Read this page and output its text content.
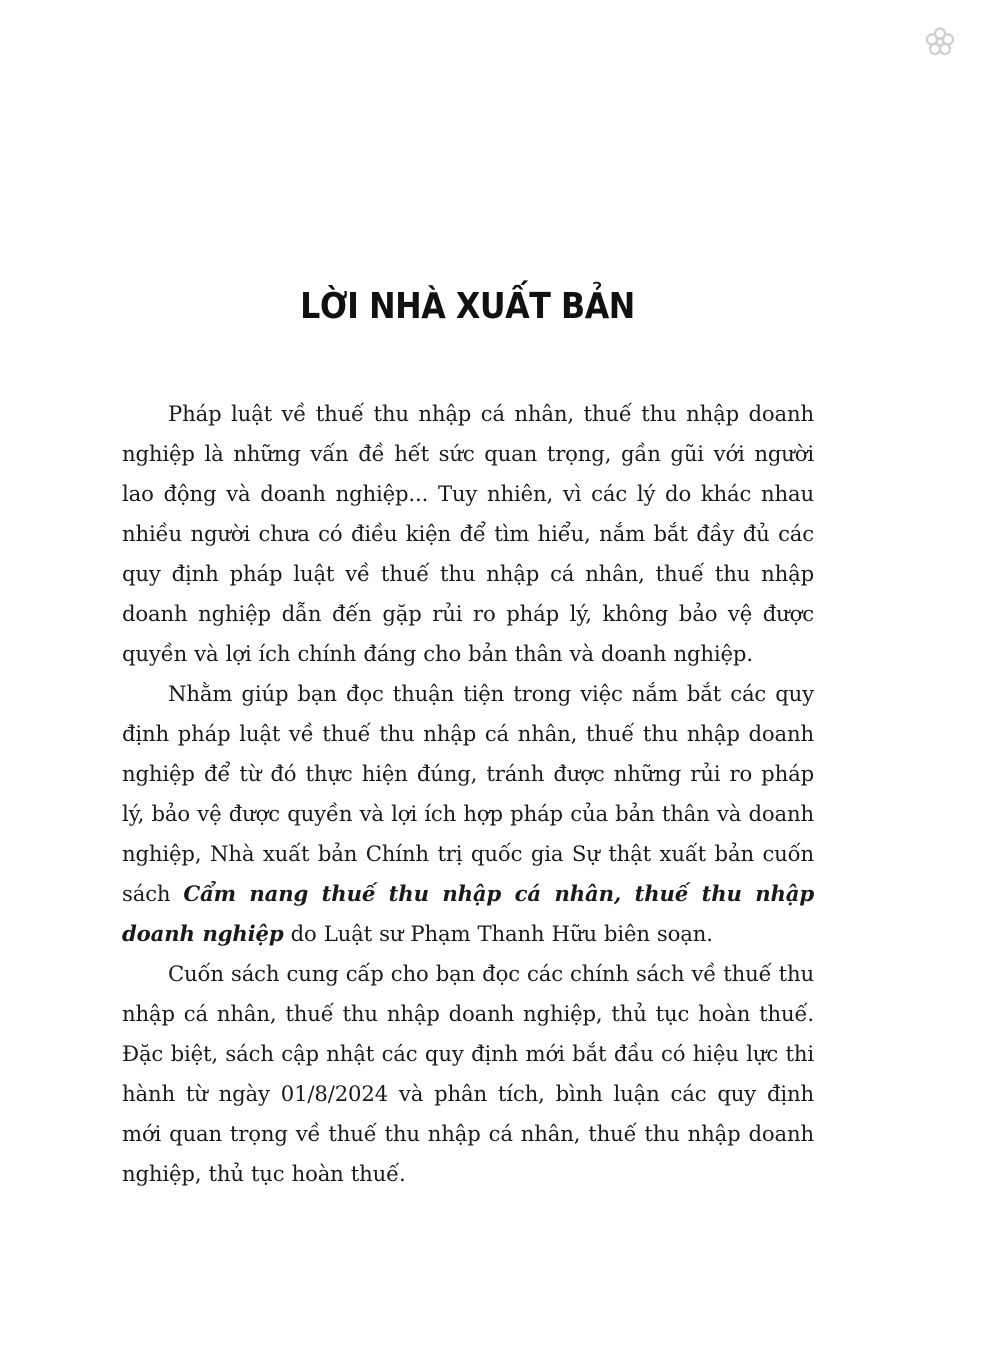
LỜI NHÀ XUẤT BẢN

Pháp luật về thuế thu nhập cá nhân, thuế thu nhập doanh nghiệp là những vấn đề hết sức quan trọng, gần gũi với người lao động và doanh nghiệp... Tuy nhiên, vì các lý do khác nhau nhiều người chưa có điều kiện để tìm hiểu, nắm bắt đầy đủ các quy định pháp luật về thuế thu nhập cá nhân, thuế thu nhập doanh nghiệp dẫn đến gặp rủi ro pháp lý, không bảo vệ được quyền và lợi ích chính đáng cho bản thân và doanh nghiệp.

Nhằm giúp bạn đọc thuận tiện trong việc nắm bắt các quy định pháp luật về thuế thu nhập cá nhân, thuế thu nhập doanh nghiệp để từ đó thực hiện đúng, tránh được những rủi ro pháp lý, bảo vệ được quyền và lợi ích hợp pháp của bản thân và doanh nghiệp, Nhà xuất bản Chính trị quốc gia Sự thật xuất bản cuốn sách Cẩm nang thuế thu nhập cá nhân, thuế thu nhập doanh nghiệp do Luật sư Phạm Thanh Hữu biên soạn.

Cuốn sách cung cấp cho bạn đọc các chính sách về thuế thu nhập cá nhân, thuế thu nhập doanh nghiệp, thủ tục hoàn thuế. Đặc biệt, sách cập nhật các quy định mới bắt đầu có hiệu lực thi hành từ ngày 01/8/2024 và phân tích, bình luận các quy định mới quan trọng về thuế thu nhập cá nhân, thuế thu nhập doanh nghiệp, thủ tục hoàn thuế.
